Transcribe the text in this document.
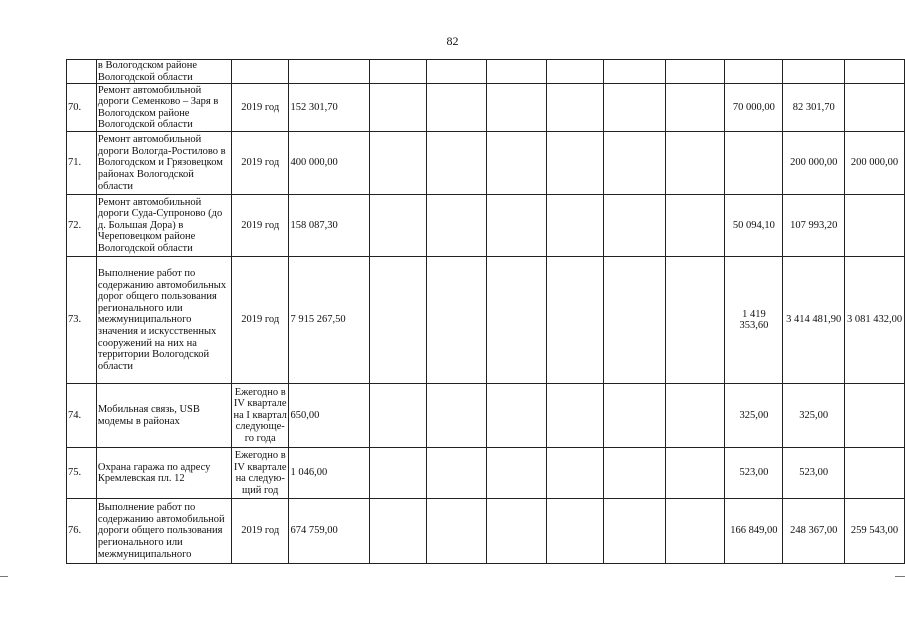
82
	в Вологодском районе Вологодской области											
70.	Ремонт автомобильной дороги Семенково – Заря в Вологодском районе Вологодской области	2019 год	152 301,70							70 000,00	82 301,70	
71.	Ремонт автомобильной дороги Вологда-Ростилово в Вологодском и Грязовецком районах Вологодской области	2019 год	400 000,00								200 000,00	200 000,00
72.	Ремонт автомобильной дороги Суда-Супроново (до д. Большая Дора) в Череповецком районе Вологодской области	2019 год	158 087,30							50 094,10	107 993,20	
73.	Выполнение работ по содержанию автомобильных дорог общего пользования регионального или межмуниципального значения и искусственных сооружений на них на территории Вологодской области	2019 год	7 915 267,50							1 419 353,60	3 414 481,90	3 081 432,00
74.	Мобильная связь, USB модемы в районах	Ежегодно в IV квартале на I квартал следующе-го года	650,00							325,00	325,00	
75.	Охрана гаража по адресу Кремлевская пл. 12	Ежегодно в IV квартале на следую-щий год	1 046,00							523,00	523,00	
76.	Выполнение работ по содержанию автомобильной дороги общего пользования регионального или межмуниципального	2019 год	674 759,00							166 849,00	248 367,00	259 543,00
